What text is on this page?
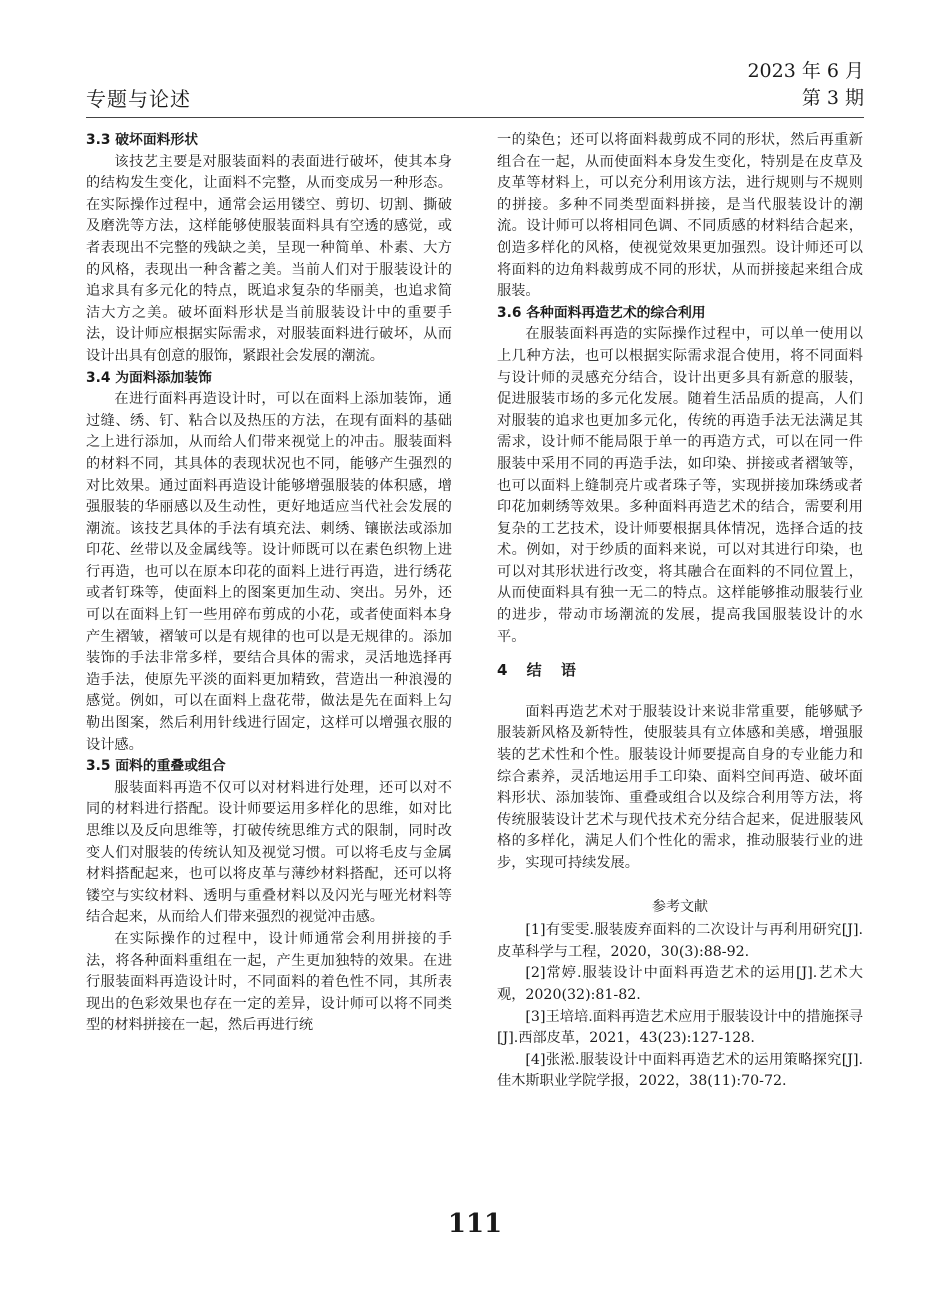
专题与论述
2023 年 6 月
第 3 期
3.3 破坏面料形状

该技艺主要是对服装面料的表面进行破坏，使其本身的结构发生变化，让面料不完整，从而变成另一种形态。在实际操作过程中，通常会运用镂空、剪切、切割、撕破及磨洗等方法，这样能够使服装面料具有空透的感觉，或者表现出不完整的残缺之美，呈现一种简单、朴素、大方的风格，表现出一种含蓄之美。当前人们对于服装设计的追求具有多元化的特点，既追求复杂的华丽美，也追求简洁大方之美。破坏面料形状是当前服装设计中的重要手法，设计师应根据实际需求，对服装面料进行破坏，从而设计出具有创意的服饰，紧跟社会发展的潮流。

3.4 为面料添加装饰

在进行面料再造设计时，可以在面料上添加装饰，通过缝、绣、钉、粘合以及热压的方法，在现有面料的基础之上进行添加，从而给人们带来视觉上的冲击。服装面料的材料不同，其具体的表现状况也不同，能够产生强烈的对比效果。通过面料再造设计能够增强服装的体积感，增强服装的华丽感以及生动性，更好地适应当代社会发展的潮流。该技艺具体的手法有填充法、刺绣、镶嵌法或添加印花、丝带以及金属线等。设计师既可以在素色织物上进行再造，也可以在原本印花的面料上进行再造，进行绣花或者钉珠等，使面料上的图案更加生动、突出。另外，还可以在面料上钉一些用碎布剪成的小花，或者使面料本身产生褶皱，褶皱可以是有规律的也可以是无规律的。添加装饰的手法非常多样，要结合具体的需求，灵活地选择再造手法，使原先平淡的面料更加精致，营造出一种浪漫的感觉。例如，可以在面料上盘花带，做法是先在面料上勾勒出图案，然后利用针线进行固定，这样可以增强衣服的设计感。

3.5 面料的重叠或组合

服装面料再造不仅可以对材料进行处理，还可以对不同的材料进行搭配。设计师要运用多样化的思维，如对比思维以及反向思维等，打破传统思维方式的限制，同时改变人们对服装的传统认知及视觉习惯。可以将毛皮与金属材料搭配起来，也可以将皮革与薄纱材料搭配，还可以将镂空与实纹材料、透明与重叠材料以及闪光与哑光材料等结合起来，从而给人们带来强烈的视觉冲击感。

在实际操作的过程中，设计师通常会利用拼接的手法，将各种面料重组在一起，产生更加独特的效果。在进行服装面料再造设计时，不同面料的着色性不同，其所表现出的色彩效果也存在一定的差异，设计师可以将不同类型的材料拼接在一起，然后再进行统

一的染色；还可以将面料裁剪成不同的形状，然后再重新组合在一起，从而使面料本身发生变化，特别是在皮草及皮革等材料上，可以充分利用该方法，进行规则与不规则的拼接。多种不同类型面料拼接，是当代服装设计的潮流。设计师可以将相同色调、不同质感的材料结合起来，创造多样化的风格，使视觉效果更加强烈。设计师还可以将面料的边角料裁剪成不同的形状，从而拼接起来组合成服装。

3.6 各种面料再造艺术的综合利用

在服装面料再造的实际操作过程中，可以单一使用以上几种方法，也可以根据实际需求混合使用，将不同面料与设计师的灵感充分结合，设计出更多具有新意的服装，促进服装市场的多元化发展。随着生活品质的提高，人们对服装的追求也更加多元化，传统的再造手法无法满足其需求，设计师不能局限于单一的再造方式，可以在同一件服装中采用不同的再造手法，如印染、拼接或者褶皱等，也可以面料上缝制亮片或者珠子等，实现拼接加珠绣或者印花加刺绣等效果。多种面料再造艺术的结合，需要利用复杂的工艺技术，设计师要根据具体情况，选择合适的技术。例如，对于纱质的面料来说，可以对其进行印染，也可以对其形状进行改变，将其融合在面料的不同位置上，从而使面料具有独一无二的特点。这样能够推动服装行业的进步，带动市场潮流的发展，提高我国服装设计的水平。

4 结 语

面料再造艺术对于服装设计来说非常重要，能够赋予服装新风格及新特性，使服装具有立体感和美感，增强服装的艺术性和个性。服装设计师要提高自身的专业能力和综合素养，灵活地运用手工印染、面料空间再造、破坏面料形状、添加装饰、重叠或组合以及综合利用等方法，将传统服装设计艺术与现代技术充分结合起来，促进服装风格的多样化，满足人们个性化的需求，推动服装行业的进步，实现可持续发展。

参考文献

[1]有雯雯.服装废弃面料的二次设计与再利用研究[J].皮革科学与工程，2020，30(3):88-92.

[2]常婷.服装设计中面料再造艺术的运用[J].艺术大观，2020(32):81-82.

[3]王培培.面料再造艺术应用于服装设计中的措施探寻[J].西部皮革，2021，43(23):127-128.

[4]张淞.服装设计中面料再造艺术的运用策略探究[J].佳木斯职业学院学报，2022，38(11):70-72.

111
